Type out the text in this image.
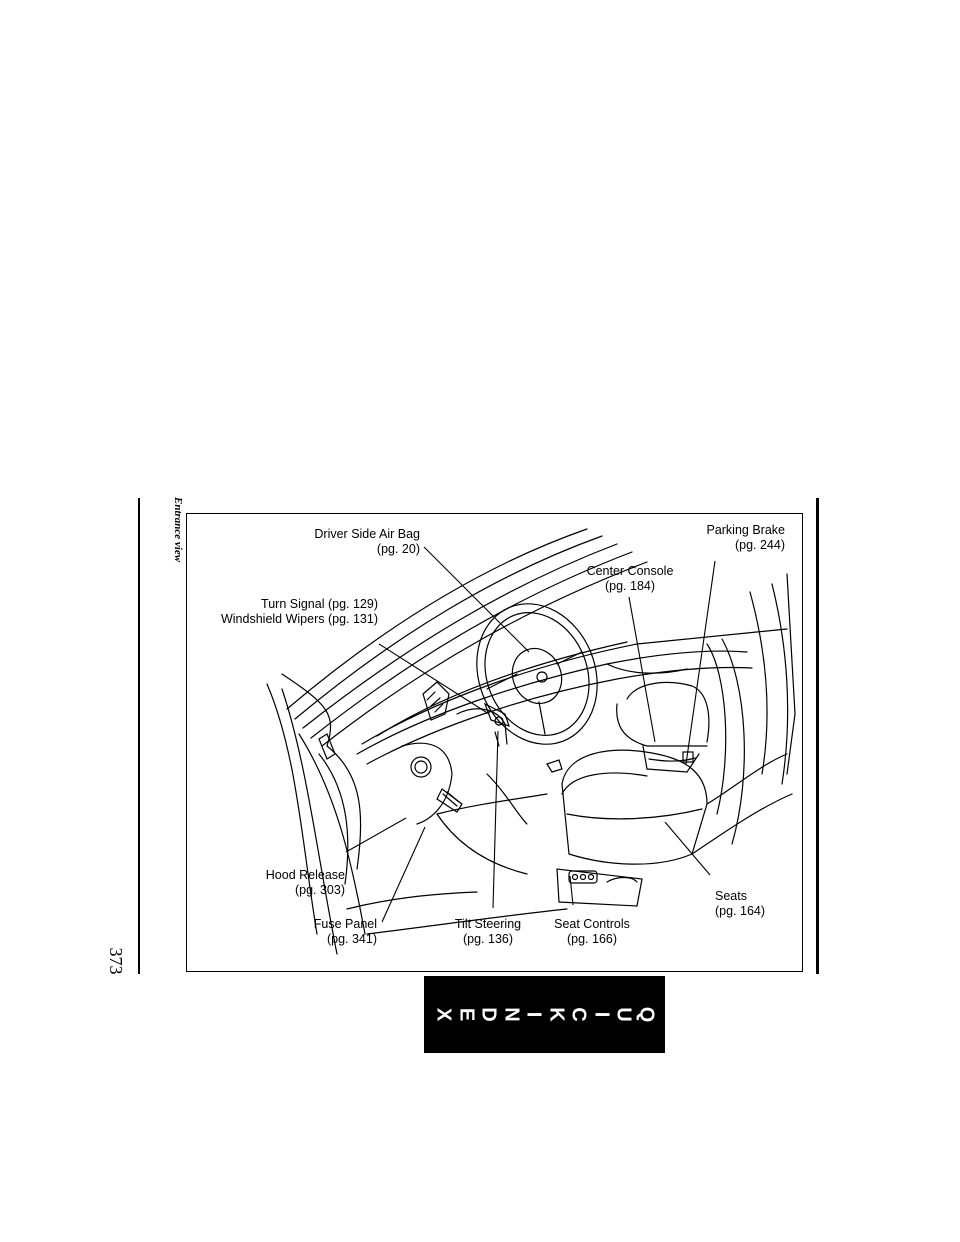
373
Entrance view	Driver Side Air Bag
(pg. 20)
Turn Signal (pg. 129)
Windshield Wipers (pg. 131)
Parking Brake
(pg. 244)
Center Console
(pg. 184)
Hood Release
(pg. 303)
Fuse Panel
(pg. 341)
Tilt Steering
(pg. 136)
Seat Controls
(pg. 166)
Seats
(pg. 164)
Q
U
I
C
K
I
N
D
E
X
